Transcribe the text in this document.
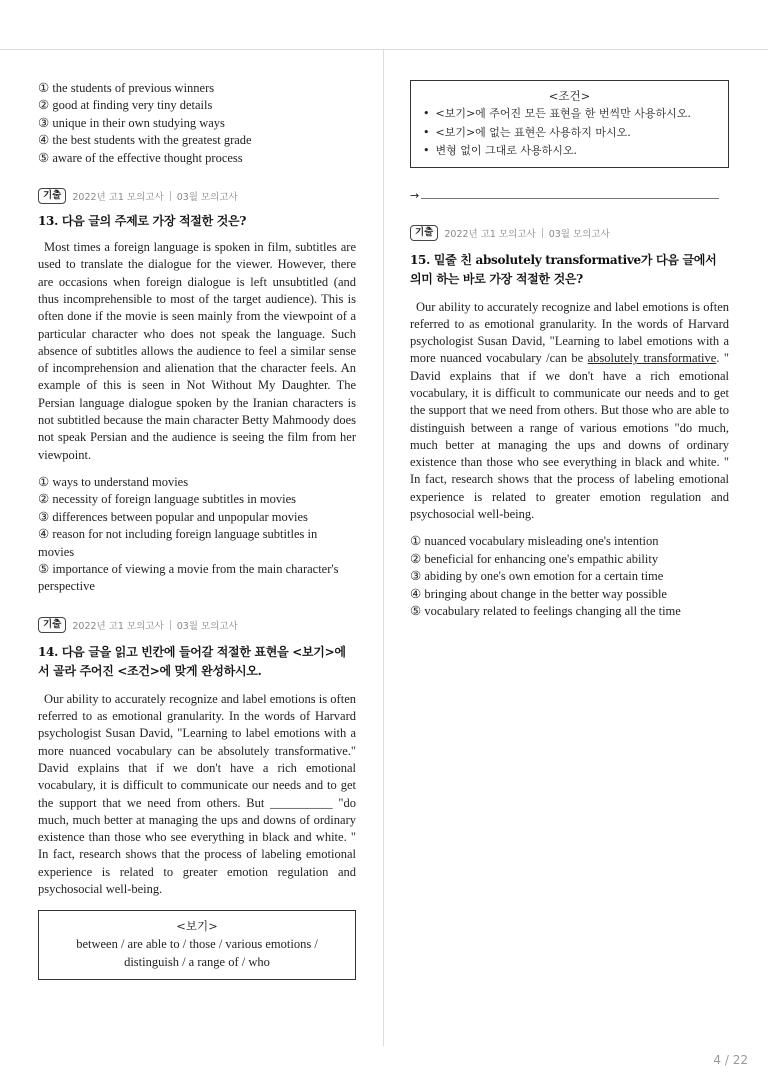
① the students of previous winners
② good at finding very tiny details
③ unique in their own studying ways
④ the best students with the greatest grade
⑤ aware of the effective thought process
기출	2022년 고1 모의고사 03월 모의고사
13. 다음 글의 주제로 가장 적절한 것은?

Most times a foreign language is spoken in film, subtitles are used to translate the dialogue for the viewer. However, there are occasions when foreign dialogue is left unsubtitled (and thus incomprehensible to most of the target audience). This is often done if the movie is seen mainly from the viewpoint of a particular character who does not speak the language. Such absence of subtitles allows the audience to feel a similar sense of incomprehension and alienation that the character feels. An example of this is seen in Not Without My Daughter. The Persian language dialogue spoken by the Iranian characters is not subtitled because the main character Betty Mahmoody does not speak Persian and the audience is seeing the film from her viewpoint.

① ways to understand movies
② necessity of foreign language subtitles in movies
③ differences between popular and unpopular movies
④ reason for not including foreign language subtitles in movies
⑤ importance of viewing a movie from the main character's perspective
기출	2022년 고1 모의고사 03월 모의고사
14. 다음 글을 읽고 빈칸에 들어갈 적절한 표현을 <보기>에서 골라 주어진 <조건>에 맞게 완성하시오.

Our ability to accurately recognize and label emotions is often referred to as emotional granularity. In the words of Harvard psychologist Susan David, "Learning to label emotions with a more nuanced vocabulary can be absolutely transformative." David explains that if we don't have a rich emotional vocabulary, it is difficult to communicate our needs and to get the support that we need from others. But __________ "do much, much better at managing the ups and downs of ordinary existence than those who see everything in black and white. " In fact, research shows that the process of labeling emotional experience is related to greater emotion regulation and psychosocial well-being.

<보기>
between / are able to / those / various emotions /
distinguish / a range of / who
<조건>
• <보기>에 주어진 모든 표현을 한 번씩만 사용하시오.
• <보기>에 없는 표현은 사용하지 마시오.
• 변형 없이 그대로 사용하시오.
→
기출	2022년 고1 모의고사 03월 모의고사
15. 밑줄 친 absolutely transformative가 다음 글에서 의미 하는 바로 가장 적절한 것은?

Our ability to accurately recognize and label emotions is often referred to as emotional granularity. In the words of Harvard psychologist Susan David, "Learning to label emotions with a more nuanced vocabulary /can be absolutely transformative. " David explains that if we don't have a rich emotional vocabulary, it is difficult to communicate our needs and to get the support that we need from others. But those who are able to distinguish between a range of various emotions "do much, much better at managing the ups and downs of ordinary existence than those who see everything in black and white. " In fact, research shows that the process of labeling emotional experience is related to greater emotion regulation and psychosocial well-being.

① nuanced vocabulary misleading one's intention
② beneficial for enhancing one's empathic ability
③ abiding by one's own emotion for a certain time
④ bringing about change in the better way possible
⑤ vocabulary related to feelings changing all the time
4 / 22
